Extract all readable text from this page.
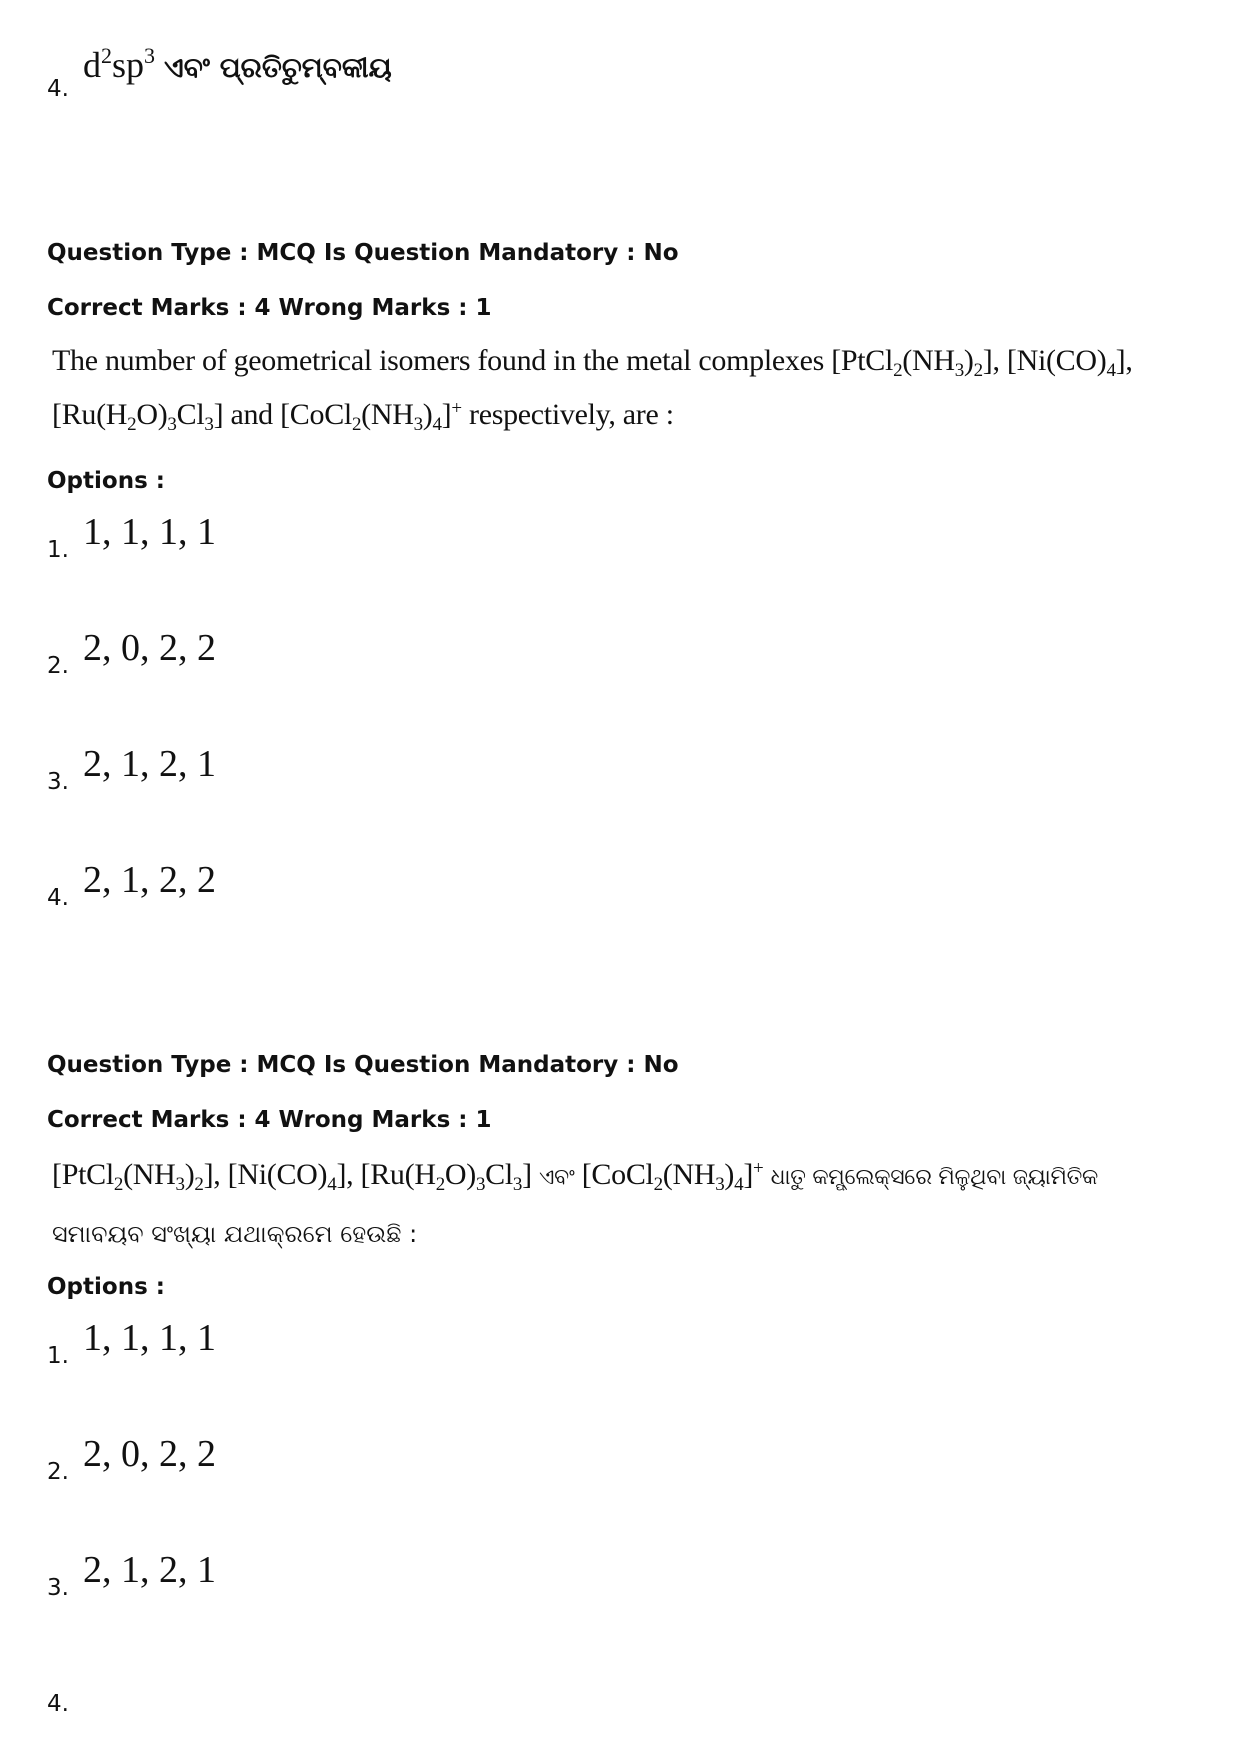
4.
$d^2sp^3$ ଏବଂ ପ୍ରତିଚୁମ୍ବକୀୟ
Question Type : MCQ Is Question Mandatory : No
Correct Marks : 4 Wrong Marks : 1
The number of geometrical isomers found in the metal complexes $[PtCl_2(NH_3)_2]$, $[Ni(CO)_4]$,
$[Ru(H_2O)_3Cl_3]$ and $[CoCl_2(NH_3)_4]^+$ respectively, are :
Options :
1. 1, 1, 1, 1
2. 2, 0, 2, 2
3. 2, 1, 2, 1
4. 2, 1, 2, 2
Question Type : MCQ Is Question Mandatory : No
Correct Marks : 4 Wrong Marks : 1
$[PtCl_2(NH_3)_2]$, $[Ni(CO)_4]$, $[Ru(H_2O)_3Cl_3]$ ଏବଂ $[CoCl_2(NH_3)_4]^+$ ଧାତୁ କମ୍ପ୍ଲେକ୍ସରେ ମିଳୁଥିବା ଜ୍ୟାମିତିକ
ସମାବୟବ ସଂଖ୍ୟା ଯଥାକ୍ରମେ ହେଉଛି :
Options :
1. 1, 1, 1, 1
2. 2, 0, 2, 2
3. 2, 1, 2, 1
4.
